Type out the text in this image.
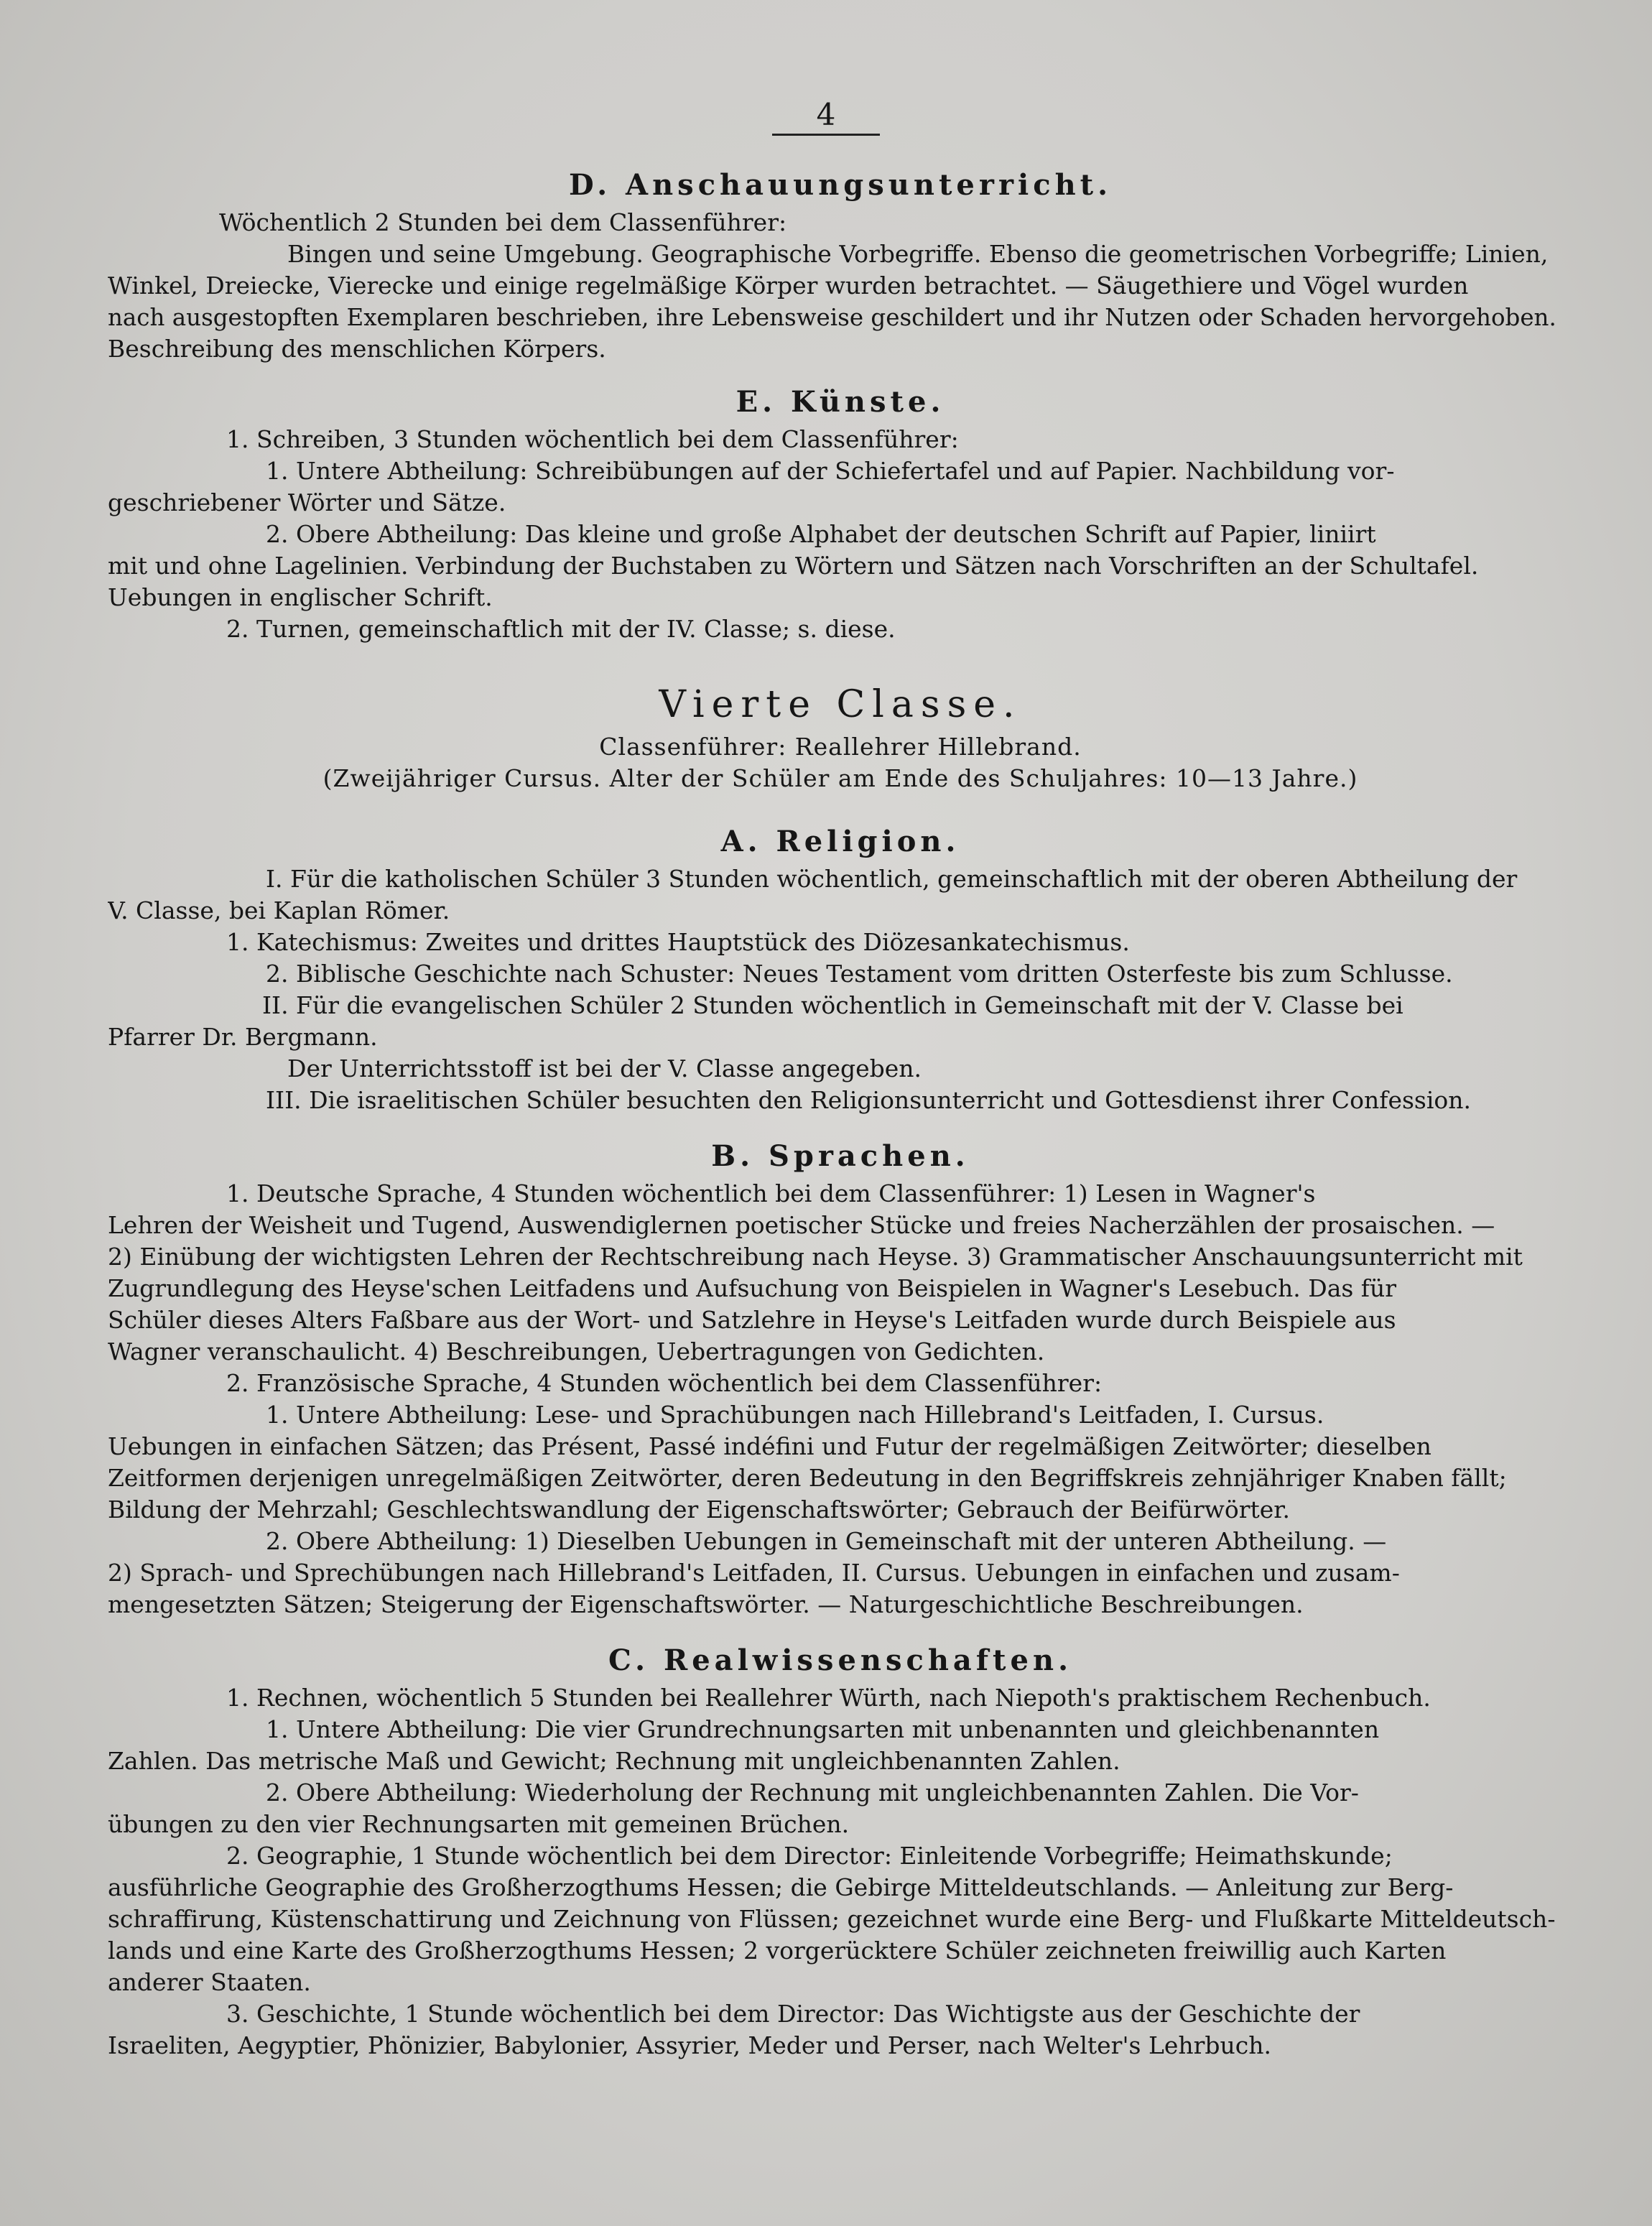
4
D. Anschauungsunterricht.
Wöchentlich 2 Stunden bei dem Classenführer:
Bingen und seine Umgebung. Geographische Vorbegriffe. Ebenso die geometrischen Vorbegriffe; Linien,
Winkel, Dreiecke, Vierecke und einige regelmäßige Körper wurden betrachtet. — Säugethiere und Vögel wurden
nach ausgestopften Exemplaren beschrieben, ihre Lebensweise geschildert und ihr Nutzen oder Schaden hervorgehoben.
Beschreibung des menschlichen Körpers.
E. Künste.
1. Schreiben, 3 Stunden wöchentlich bei dem Classenführer:
1. Untere Abtheilung: Schreibübungen auf der Schiefertafel und auf Papier. Nachbildung vor-
geschriebener Wörter und Sätze.
2. Obere Abtheilung: Das kleine und große Alphabet der deutschen Schrift auf Papier, liniirt
mit und ohne Lagelinien. Verbindung der Buchstaben zu Wörtern und Sätzen nach Vorschriften an der Schultafel.
Uebungen in englischer Schrift.
2. Turnen, gemeinschaftlich mit der IV. Classe; s. diese.
Vierte Classe.
Classenführer: Reallehrer Hillebrand.
(Zweijähriger Cursus. Alter der Schüler am Ende des Schuljahres: 10—13 Jahre.)
A. Religion.
I. Für die katholischen Schüler 3 Stunden wöchentlich, gemeinschaftlich mit der oberen Abtheilung der
V. Classe, bei Kaplan Römer.
1. Katechismus: Zweites und drittes Hauptstück des Diözesankatechismus.
2. Biblische Geschichte nach Schuster: Neues Testament vom dritten Osterfeste bis zum Schlusse.
II. Für die evangelischen Schüler 2 Stunden wöchentlich in Gemeinschaft mit der V. Classe bei
Pfarrer Dr. Bergmann.
Der Unterrichtsstoff ist bei der V. Classe angegeben.
III. Die israelitischen Schüler besuchten den Religionsunterricht und Gottesdienst ihrer Confession.
B. Sprachen.
1. Deutsche Sprache, 4 Stunden wöchentlich bei dem Classenführer: 1) Lesen in Wagner's
Lehren der Weisheit und Tugend, Auswendiglernen poetischer Stücke und freies Nacherzählen der prosaischen. —
2) Einübung der wichtigsten Lehren der Rechtschreibung nach Heyse. 3) Grammatischer Anschauungsunterricht mit
Zugrundlegung des Heyse'schen Leitfadens und Aufsuchung von Beispielen in Wagner's Lesebuch. Das für
Schüler dieses Alters Faßbare aus der Wort- und Satzlehre in Heyse's Leitfaden wurde durch Beispiele aus
Wagner veranschaulicht. 4) Beschreibungen, Uebertragungen von Gedichten.
2. Französische Sprache, 4 Stunden wöchentlich bei dem Classenführer:
1. Untere Abtheilung: Lese- und Sprachübungen nach Hillebrand's Leitfaden, I. Cursus.
Uebungen in einfachen Sätzen; das Présent, Passé indéfini und Futur der regelmäßigen Zeitwörter; dieselben
Zeitformen derjenigen unregelmäßigen Zeitwörter, deren Bedeutung in den Begriffskreis zehnjähriger Knaben fällt;
Bildung der Mehrzahl; Geschlechtswandlung der Eigenschaftswörter; Gebrauch der Beifürwörter.
2. Obere Abtheilung: 1) Dieselben Uebungen in Gemeinschaft mit der unteren Abtheilung. —
2) Sprach- und Sprechübungen nach Hillebrand's Leitfaden, II. Cursus. Uebungen in einfachen und zusam-
mengesetzten Sätzen; Steigerung der Eigenschaftswörter. — Naturgeschichtliche Beschreibungen.
C. Realwissenschaften.
1. Rechnen, wöchentlich 5 Stunden bei Reallehrer Würth, nach Niepoth's praktischem Rechenbuch.
1. Untere Abtheilung: Die vier Grundrechnungsarten mit unbenannten und gleichbenannten
Zahlen. Das metrische Maß und Gewicht; Rechnung mit ungleichbenannten Zahlen.
2. Obere Abtheilung: Wiederholung der Rechnung mit ungleichbenannten Zahlen. Die Vor-
übungen zu den vier Rechnungsarten mit gemeinen Brüchen.
2. Geographie, 1 Stunde wöchentlich bei dem Director: Einleitende Vorbegriffe; Heimathskunde;
ausführliche Geographie des Großherzogthums Hessen; die Gebirge Mitteldeutschlands. — Anleitung zur Berg-
schraffirung, Küstenschattirung und Zeichnung von Flüssen; gezeichnet wurde eine Berg- und Flußkarte Mitteldeutsch-
lands und eine Karte des Großherzogthums Hessen; 2 vorgerücktere Schüler zeichneten freiwillig auch Karten
anderer Staaten.
3. Geschichte, 1 Stunde wöchentlich bei dem Director: Das Wichtigste aus der Geschichte der
Israeliten, Aegyptier, Phönizier, Babylonier, Assyrier, Meder und Perser, nach Welter's Lehrbuch.
